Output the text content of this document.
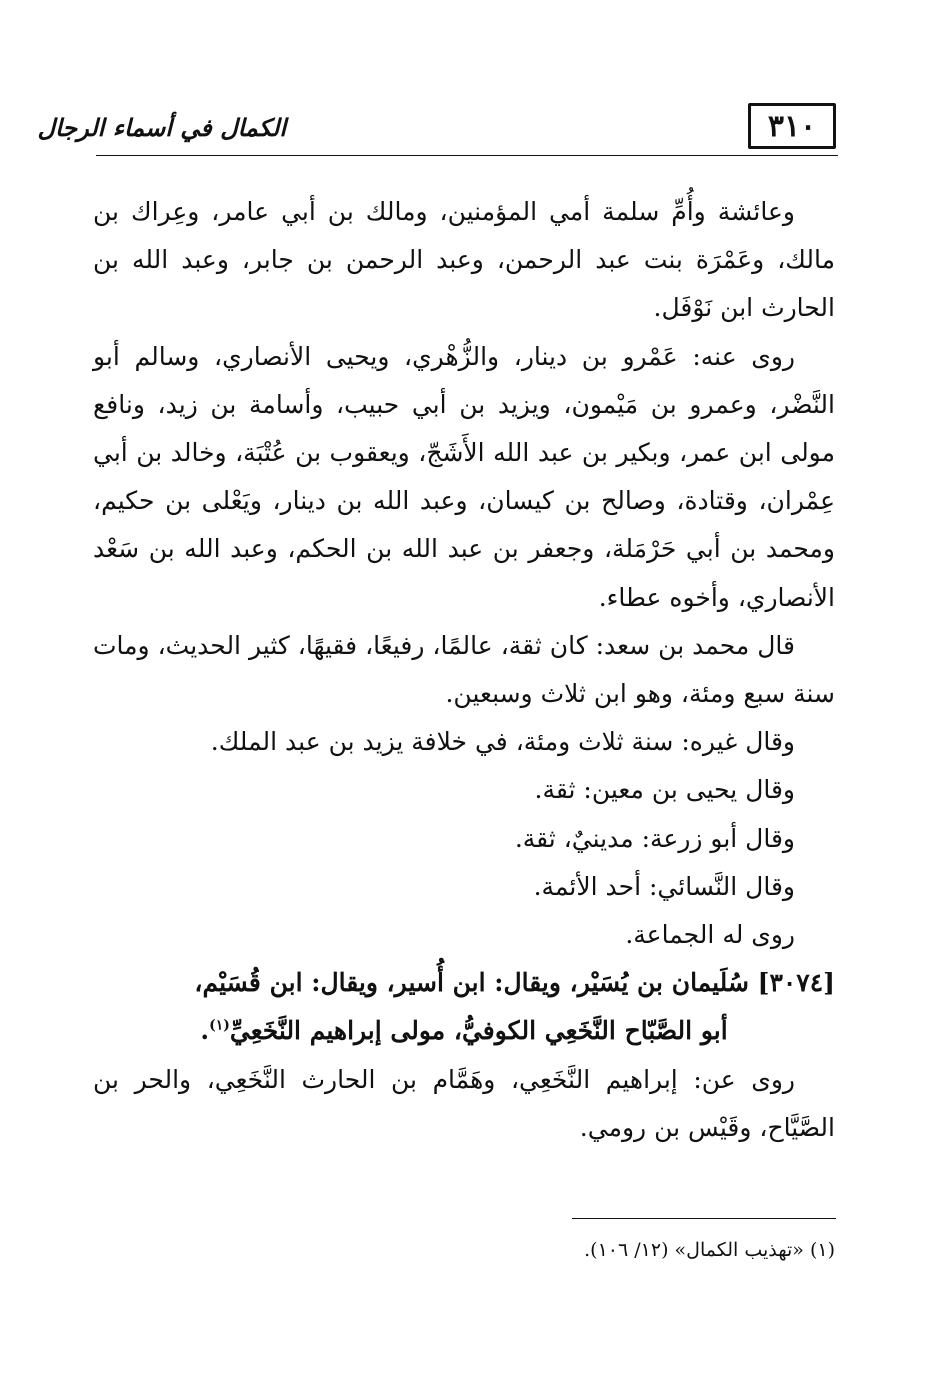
٣١٠
الكمال في أسماء الرجال

وعائشة وأُمِّ سلمة أمي المؤمنين، ومالك بن أبي عامر، وعِراك بن مالك، وعَمْرَة بنت عبد الرحمن، وعبد الرحمن بن جابر، وعبد الله بن الحارث ابن نَوْفَل.

روى عنه: عَمْرو بن دينار، والزُّهْري، ويحيى الأنصاري، وسالم أبو النَّضْر، وعمرو بن مَيْمون، ويزيد بن أبي حبيب، وأسامة بن زيد، ونافع مولى ابن عمر، وبكير بن عبد الله الأَشَجّ، ويعقوب بن عُتْبَة، وخالد بن أبي عِمْران، وقتادة، وصالح بن كيسان، وعبد الله بن دينار، ويَعْلى بن حكيم، ومحمد بن أبي حَرْمَلة، وجعفر بن عبد الله بن الحكم، وعبد الله بن سَعْد الأنصاري، وأخوه عطاء.

قال محمد بن سعد: كان ثقة، عالمًا، رفيعًا، فقيهًا، كثير الحديث، ومات سنة سبع ومئة، وهو ابن ثلاث وسبعين.

وقال غيره: سنة ثلاث ومئة، في خلافة يزيد بن عبد الملك.

وقال يحيى بن معين: ثقة.

وقال أبو زرعة: مدينيٌ، ثقة.

وقال النَّسائي: أحد الأئمة.

روى له الجماعة.

[٣٠٧٤] سُلَيمان بن يُسَيْر، ويقال: ابن أُسير، ويقال: ابن قُسَيْم،
أبو الصَّبّاح النَّخَعِي الكوفيُّ، مولى إبراهيم النَّخَعِيِّ$^{(١)}$.

روى عن: إبراهيم النَّخَعِي، وهَمَّام بن الحارث النَّخَعِي، والحر بن الصَّيَّاح، وقَيْس بن رومي.

(١) «تهذيب الكمال» (١٢/ ١٠٦).
